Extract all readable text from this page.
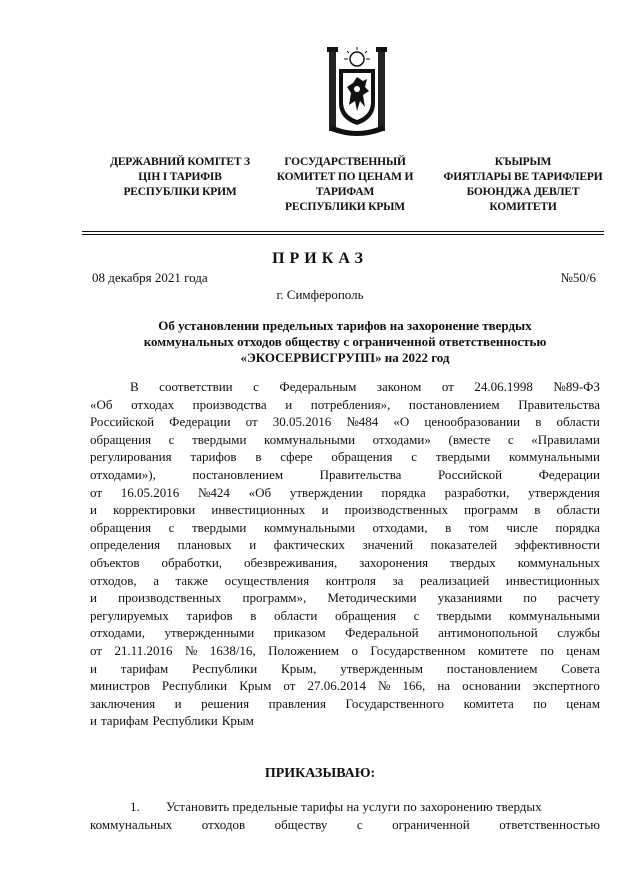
ДЕРЖАВНИЙ КОМІТЕТ З
ЦІН І ТАРИФІВ
РЕСПУБЛІКИ КРИМ
ГОСУДАРСТВЕННЫЙ
КОМИТЕТ ПО ЦЕНАМ И
ТАРИФАМ
РЕСПУБЛИКИ КРЫМ
КЪЫРЫМ
ФИЯТЛАРЫ ВЕ ТАРИФЛЕРИ
БОЮНДЖА ДЕВЛЕТ
КОМИТЕТИ
ПРИКАЗ
08 декабря 2021 года	№50/6
г. Симферополь
Об установлении предельных тарифов на захоронение твердых
коммунальных отходов обществу с ограниченной ответственностью
«ЭКОСЕРВИСГРУПП» на 2022 год
В соответствии с Федеральным законом от 24.06.1998 №89-ФЗ
«Об отходах производства и потребления», постановлением Правительства
Российской Федерации от 30.05.2016 №484 «О ценообразовании в области
обращения с твердыми коммунальными отходами» (вместе с «Правилами
регулирования тарифов в сфере обращения с твердыми коммунальными
отходами»),	постановлением	Правительства	Российской	Федерации
от 16.05.2016 №424 «Об утверждении порядка разработки, утверждения
и корректировки инвестиционных и производственных программ в области
обращения с твердыми коммунальными отходами, в том числе порядка
определения плановых и фактических значений показателей эффективности
объектов обработки, обезвреживания, захоронения твердых коммунальных
отходов, а также осуществления контроля за реализацией инвестиционных
и производственных программ», Методическими указаниями по расчету
регулируемых тарифов в области обращения с твердыми коммунальными
отходами, утвержденными приказом Федеральной антимонопольной службы
от 21.11.2016 № 1638/16, Положением о Государственном комитете по ценам
и тарифам Республики Крым, утвержденным постановлением Совета
министров Республики Крым от 27.06.2014 № 166, на основании экспертного
заключения и решения правления Государственного комитета по ценам
и тарифам Республики Крым
ПРИКАЗЫВАЮ:
1.	Установить предельные тарифы на услуги по захоронению твердых
коммунальных отходов обществу с ограниченной ответственностью
